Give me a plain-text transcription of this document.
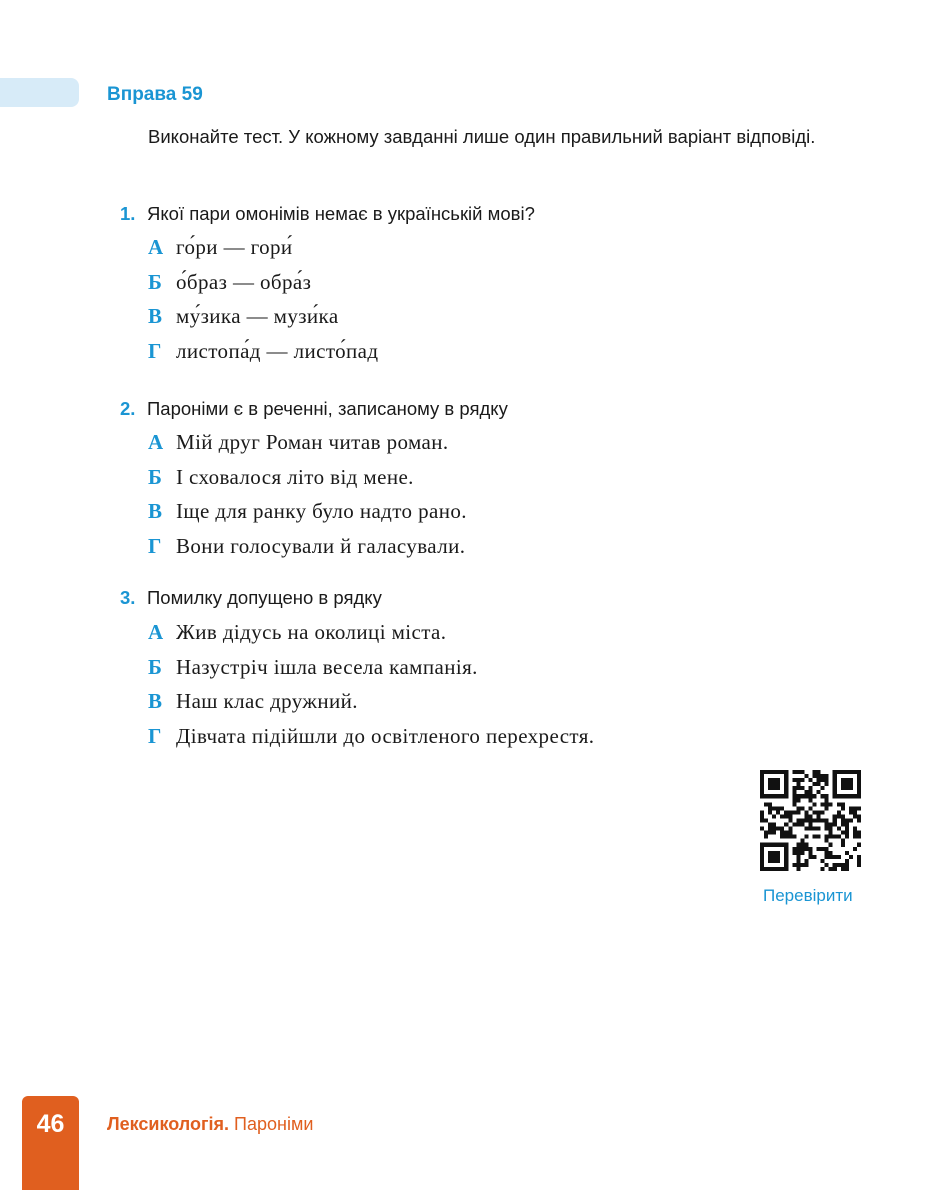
Вправа 59
Виконайте тест. У кожному завданні лише один правильний варіант відповіді.
1. Якої пари омонімів немає в українській мові?
А го́ри — гори́
Б о́браз — обра́з
В му́зика — музи́ка
Г листопа́д — листо́пад
2. Пароніми є в реченні, записаному в рядку
А Мій друг Роман читав роман.
Б І сховалося літо від мене.
В Іще для ранку було надто рано.
Г Вони голосували й галасували.
3. Помилку допущено в рядку
А Жив дідусь на околиці міста.
Б Назустріч ішла весела кампанія.
В Наш клас дружний.
Г Дівчата підійшли до освітленого перехрестя.
Перевірити
46	Лексикологія. Пароніми
